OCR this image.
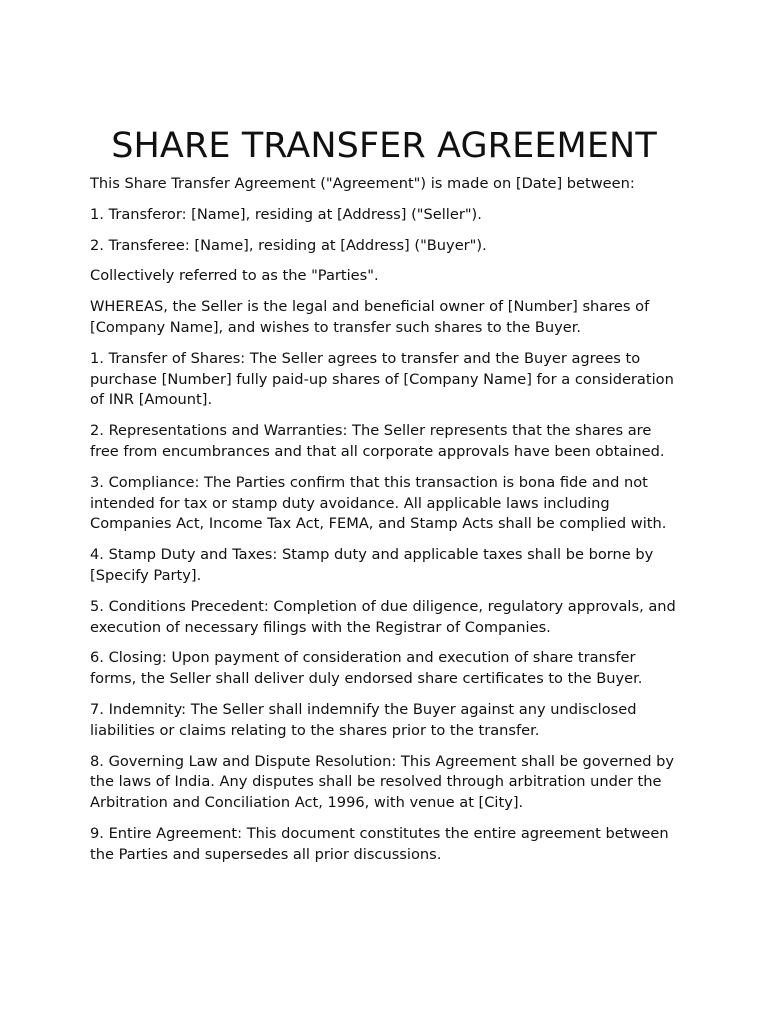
SHARE TRANSFER AGREEMENT

This Share Transfer Agreement ("Agreement") is made on [Date] between:

1. Transferor: [Name], residing at [Address] ("Seller").

2. Transferee: [Name], residing at [Address] ("Buyer").

Collectively referred to as the "Parties".

WHEREAS, the Seller is the legal and beneficial owner of [Number] shares of [Company Name], and wishes to transfer such shares to the Buyer.

1. Transfer of Shares: The Seller agrees to transfer and the Buyer agrees to purchase [Number] fully paid-up shares of [Company Name] for a consideration of INR [Amount].

2. Representations and Warranties: The Seller represents that the shares are free from encumbrances and that all corporate approvals have been obtained.

3. Compliance: The Parties confirm that this transaction is bona fide and not intended for tax or stamp duty avoidance. All applicable laws including Companies Act, Income Tax Act, FEMA, and Stamp Acts shall be complied with.

4. Stamp Duty and Taxes: Stamp duty and applicable taxes shall be borne by [Specify Party].

5. Conditions Precedent: Completion of due diligence, regulatory approvals, and execution of necessary filings with the Registrar of Companies.

6. Closing: Upon payment of consideration and execution of share transfer forms, the Seller shall deliver duly endorsed share certificates to the Buyer.

7. Indemnity: The Seller shall indemnify the Buyer against any undisclosed liabilities or claims relating to the shares prior to the transfer.

8. Governing Law and Dispute Resolution: This Agreement shall be governed by the laws of India. Any disputes shall be resolved through arbitration under the Arbitration and Conciliation Act, 1996, with venue at [City].

9. Entire Agreement: This document constitutes the entire agreement between the Parties and supersedes all prior discussions.
